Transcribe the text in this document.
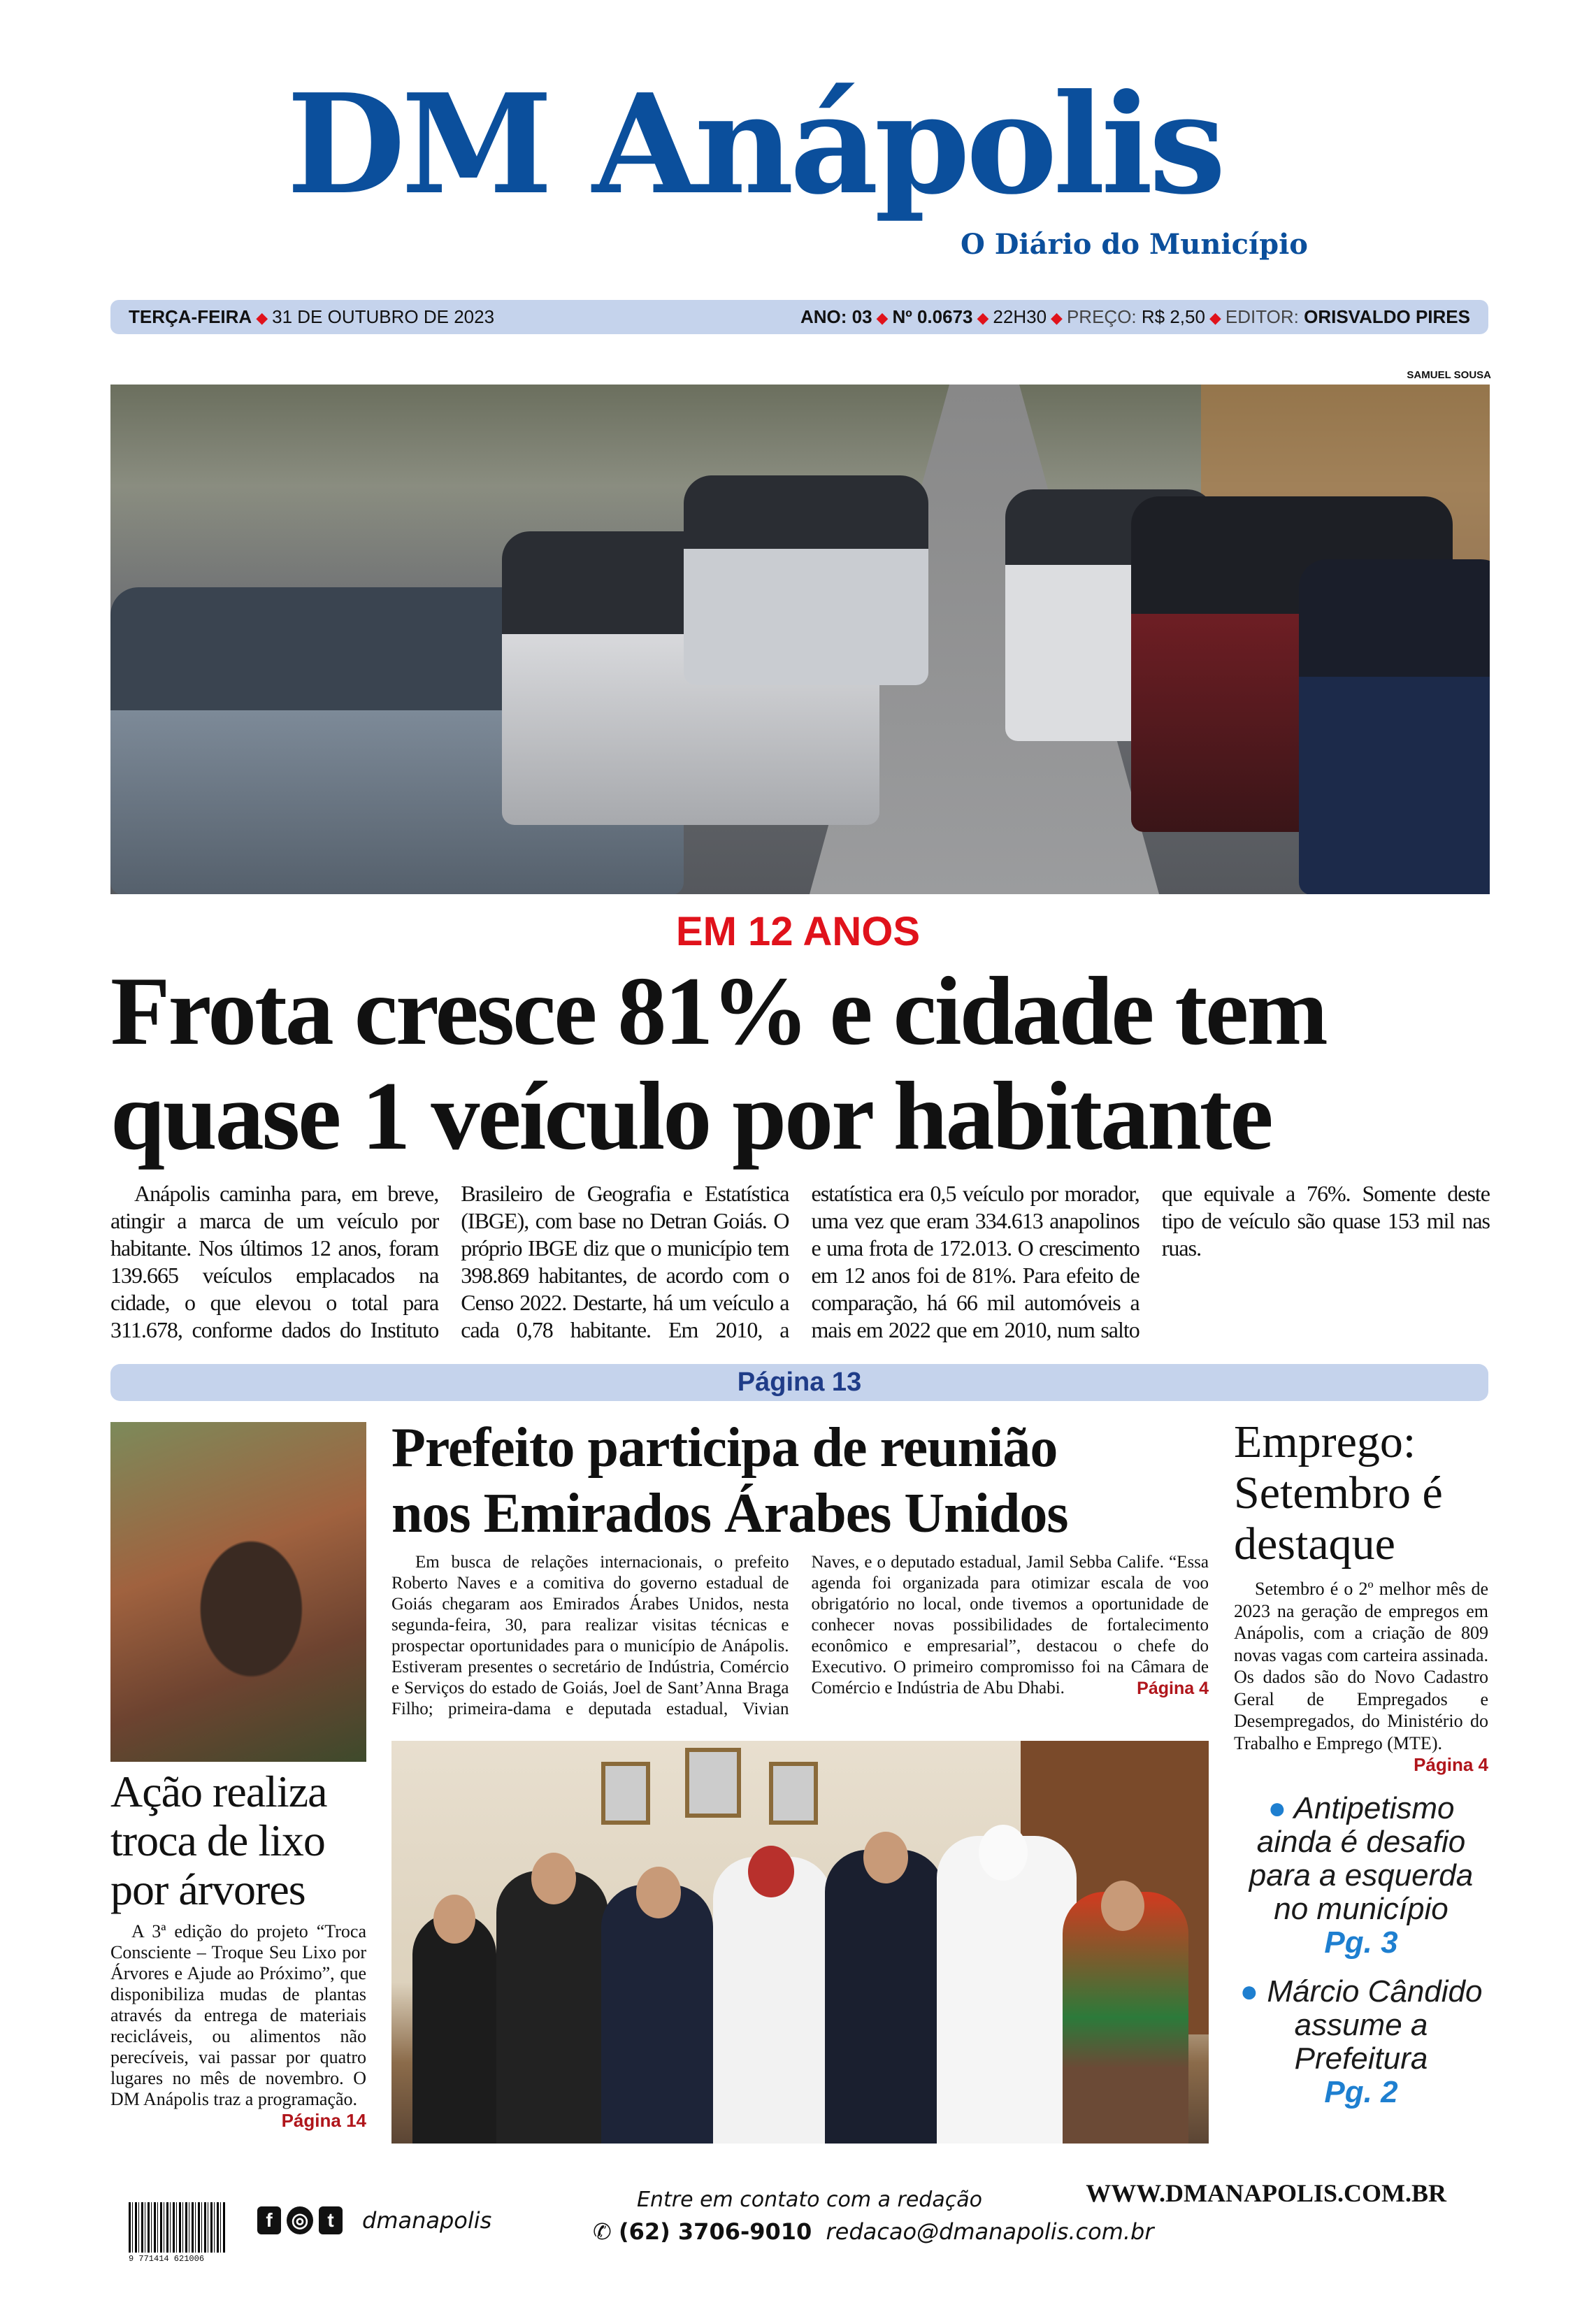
DM Anápolis
O Diário do Município
TERÇA-FEIRA ◆ 31 DE OUTUBRO DE 2023	ANO: 03 ◆ Nº 0.0673 ◆ 22H30 ◆ PREÇO: R$ 2,50 ◆ EDITOR: ORISVALDO PIRES
SAMUEL SOUSA
EM 12 ANOS
Frota cresce 81% e cidade tem
quase 1 veículo por habitante

Anápolis caminha para, em breve, atingir a marca de um veículo por habitante. Nos últimos 12 anos, foram 139.665 veículos emplacados na cidade, o que elevou o total para 311.678, conforme dados do Instituto Brasileiro de Geografia e Estatística (IBGE), com base no Detran Goiás. O próprio IBGE diz que o município tem 398.869 habitantes, de acordo com o Censo 2022. Destarte, há um veículo a cada 0,78 habitante. Em 2010, a estatística era 0,5 veículo por morador, uma vez que eram 334.613 anapolinos e uma frota de 172.013. O crescimento em 12 anos foi de 81%. Para efeito de comparação, há 66 mil automóveis a mais em 2022 que em 2010, num salto que equivale a 76%. Somente deste tipo de veículo são quase 153 mil nas ruas.

Página 13
Ação realiza troca de lixo por árvores
A 3ª edição do projeto “Troca Consciente – Troque Seu Lixo por Árvores e Ajude ao Próximo”, que disponibiliza mudas de plantas através da entrega de materiais recicláveis, ou alimentos não perecíveis, vai passar por quatro lugares no mês de novembro. O DM Anápolis traz a programação.
Página 14
Prefeito participa de reunião
nos Emirados Árabes Unidos

Em busca de relações internacionais, o prefeito Roberto Naves e a comitiva do governo estadual de Goiás chegaram aos Emirados Árabes Unidos, nesta segunda-feira, 30, para realizar visitas técnicas e prospectar oportunidades para o município de Anápolis. Estiveram presentes o secretário de Indústria, Comércio e Serviços do estado de Goiás, Joel de Sant’Anna Braga Filho; primeira-dama e deputada estadual, Vivian Naves, e o deputado estadual, Jamil Sebba Calife. “Essa agenda foi organizada para otimizar escala de voo obrigatório no local, onde tivemos a oportunidade de conhecer novas possibilidades de fortalecimento econômico e empresarial”, destacou o chefe do Executivo. O primeiro compromisso foi na Câmara de Comércio e Indústria de Abu Dhabi.	Página 4

Emprego: Setembro é destaque
Setembro é o 2º melhor mês de 2023 na geração de empregos em Anápolis, com a criação de 809 novas vagas com carteira assinada. Os dados são do Novo Cadastro Geral de Empregados e Desempregados, do Ministério do Trabalho e Emprego (MTE).
Página 4
● Antipetismo ainda é desafio para a esquerda no município
Pg. 3
● Márcio Cândido assume a Prefeitura
Pg. 2
9 771414 621006
f ◎ t	dmanapolis
Entre em contato com a redação
✆ (62) 3706-9010 redacao@dmanapolis.com.br
WWW.DMANAPOLIS.COM.BR
